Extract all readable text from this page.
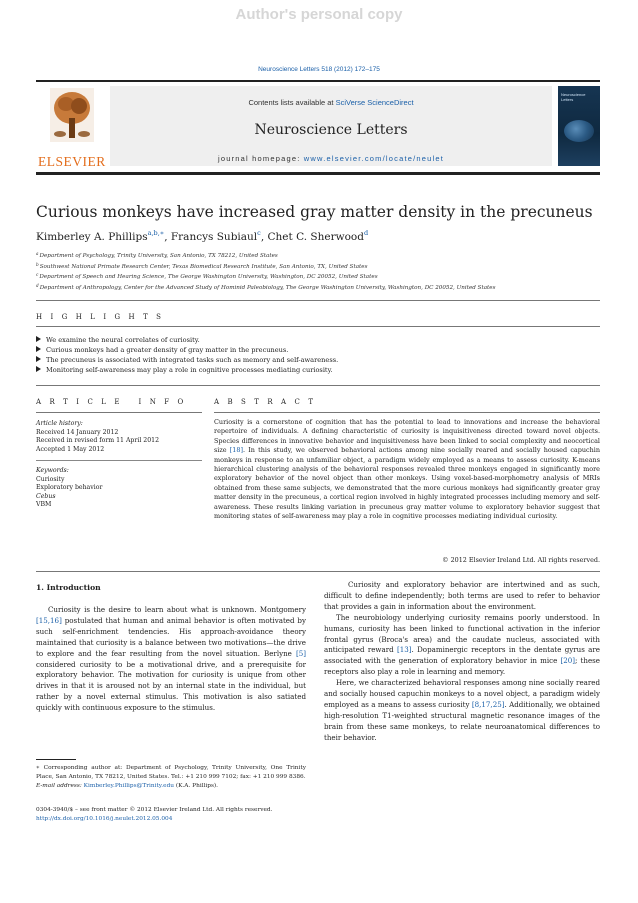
Author's personal copy
Neuroscience Letters 518 (2012) 172–175
ELSEVIER
Contents lists available at SciVerse ScienceDirect
Neuroscience Letters
journal homepage: www.elsevier.com/locate/neulet
Neuroscience Letters
Curious monkeys have increased gray matter density in the precuneus
Kimberley A. Phillips$^{a,b,∗}$, Francys Subiaul$^c$, Chet C. Sherwood$^d$
$^a$Department of Psychology, Trinity University, San Antonio, TX 78212, United States
$^b$Southwest National Primate Research Center, Texas Biomedical Research Institute, San Antonio, TX, United States
$^c$Department of Speech and Hearing Science, The George Washington University, Washington, DC 20052, United States
$^d$Department of Anthropology, Center for the Advanced Study of Hominid Paleobiology, The George Washington University, Washington, DC 20052, United States
H I G H L I G H T S
We examine the neural correlates of curiosity.
Curious monkeys had a greater density of gray matter in the precuneus.
The precuneus is associated with integrated tasks such as memory and self-awareness.
Monitoring self-awareness may play a role in cognitive processes mediating curiosity.
A R T I C L E   I N F O	A B S T R A C T
Article history:
Received 14 January 2012
Received in revised form 11 April 2012
Accepted 1 May 2012
Keywords:
Curiosity
Exploratory behavior
Cebus
VBM
Curiosity is a cornerstone of cognition that has the potential to lead to innovations and increase the behavioral repertoire of individuals. A defining characteristic of curiosity is inquisitiveness directed toward novel objects. Species differences in innovative behavior and inquisitiveness have been linked to social complexity and neocortical size [18]. In this study, we observed behavioral actions among nine socially reared and socially housed capuchin monkeys in response to an unfamiliar object, a paradigm widely employed as a means to assess curiosity. K-means hierarchical clustering analysis of the behavioral responses revealed three monkeys engaged in significantly more exploratory behavior of the novel object than other monkeys. Using voxel-based-morphometry analysis of MRIs obtained from these same subjects, we demonstrated that the more curious monkeys had significantly greater gray matter density in the precuneus, a cortical region involved in highly integrated processes including memory and self-awareness. These results linking variation in precuneus gray matter volume to exploratory behavior suggest that monitoring states of self-awareness may play a role in cognitive processes mediating individual curiosity.
© 2012 Elsevier Ireland Ltd. All rights reserved.
1. Introduction

Curiosity is the desire to learn about what is unknown. Montgomery [15,16] postulated that human and animal behavior is often motivated by such self-enrichment tendencies. His approach-avoidance theory maintained that curiosity is a balance between two motivations—the drive to explore and the fear resulting from the novel situation. Berlyne [5] considered curiosity to be a motivational drive, and a prerequisite for exploratory behavior. The motivation for curiosity is unique from other drives in that it is aroused not by an internal state in the individual, but rather by a novel external stimulus. This motivation is also satiated quickly with continuous exposure to the stimulus.

Curiosity and exploratory behavior are intertwined and as such, difficult to define independently; both terms are used to refer to behavior that provides a gain in information about the environment.

The neurobiology underlying curiosity remains poorly understood. In humans, curiosity has been linked to functional activation in the inferior frontal gyrus (Broca's area) and the caudate nucleus, associated with anticipated reward [13]. Dopaminergic receptors in the dentate gyrus are associated with the generation of exploratory behavior in mice [20]; these receptors also play a role in learning and memory.

Here, we characterized behavioral responses among nine socially reared and socially housed capuchin monkeys to a novel object, a paradigm widely employed as a means to assess curiosity [8,17,25]. Additionally, we obtained high-resolution T1-weighted structural magnetic resonance images of the brain from these same monkeys, to relate neuroanatomical differences to their behavior.

∗ Corresponding author at: Department of Psychology, Trinity University, One Trinity Place, San Antonio, TX 78212, United States. Tel.: +1 210 999 7102; fax: +1 210 999 8386.
E-mail address: Kimberley.Phillips@Trinity.edu (K.A. Phillips).
0304-3940/$ – see front matter © 2012 Elsevier Ireland Ltd. All rights reserved.
http://dx.doi.org/10.1016/j.neulet.2012.05.004
